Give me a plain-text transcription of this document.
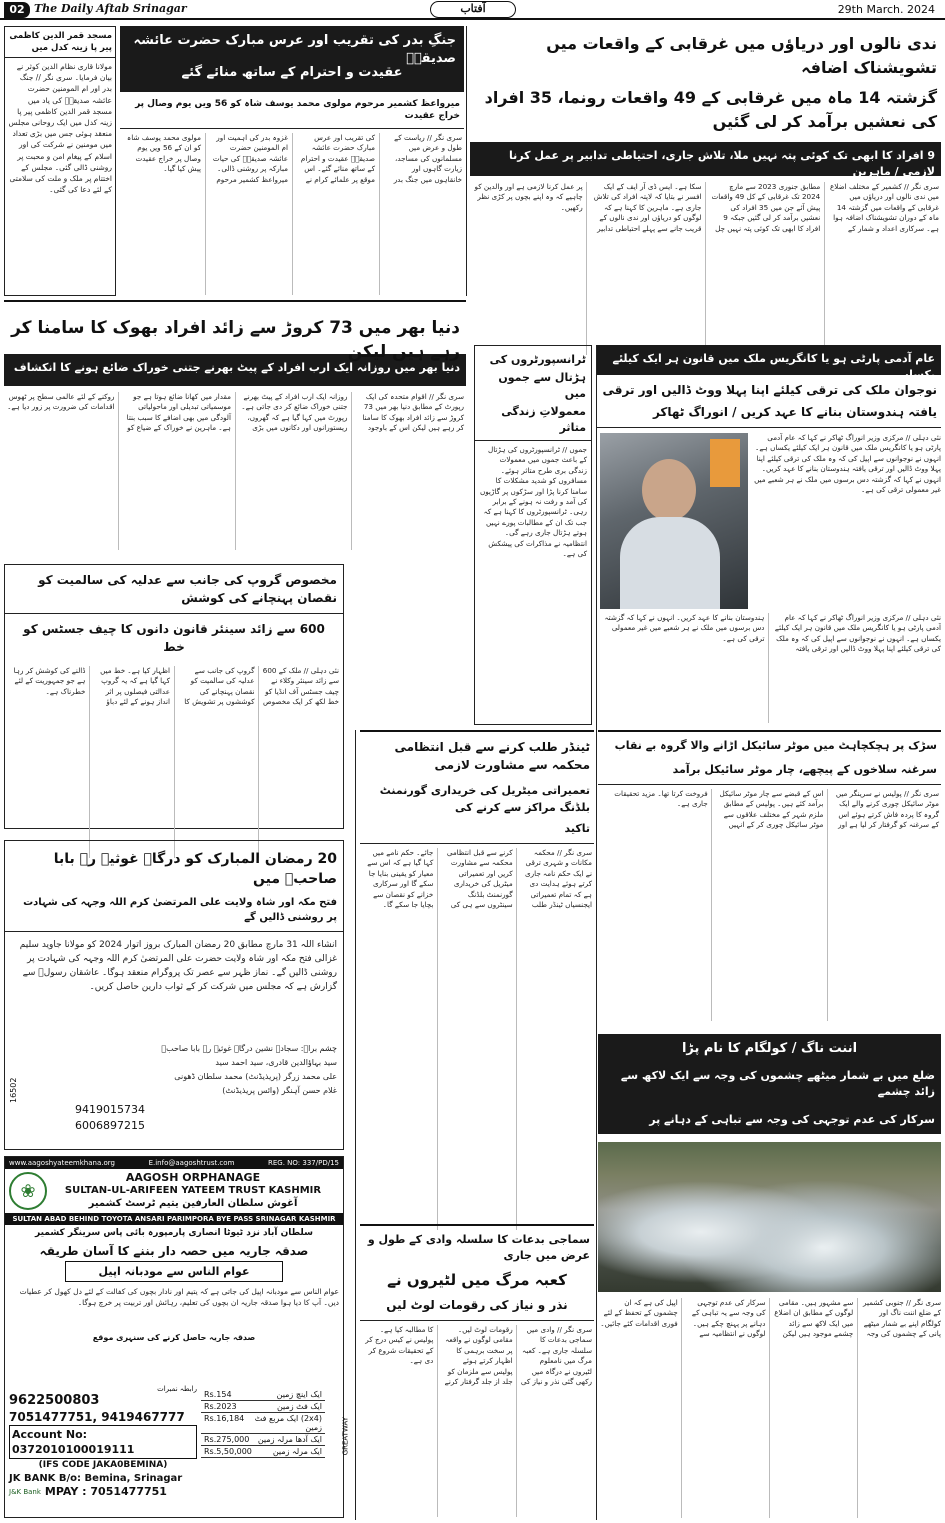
02 The Daily Aftab Srinagar	آفتاب	29th March. 2024
مسجد قمر الدین کاظمی پیر پا زینہ کدل میں
مولانا قاری نظام الدین کوثر نے بیان فرمایا۔ سری نگر // جنگ بدر اور ام المومنین حضرت عائشہ صدیقہؓ کی یاد میں مسجد قمر الدین کاظمی پیر پا زینہ کدل میں ایک روحانی مجلس منعقد ہوئی جس میں بڑی تعداد میں مومنین نے شرکت کی اور اسلام کے پیغام امن و محبت پر روشنی ڈالی گئی۔ مجلس کے اختتام پر ملک و ملت کی سلامتی کے لئے دعا کی گئی۔
جنگِ بدر کی تقریب اور عرس مبارک حضرت عائشہ صدیقہؓ
عقیدت و احترام کے ساتھ منائے گئے
میرواعظ کشمیر مرحوم مولوی محمد یوسف شاہ کو 56 ویں یوم وصال پر خراج عقیدت
سری نگر // ریاست کے طول و عرض میں مسلمانوں کی مساجد، زیارت گاہوں اور خانقاہوں میں جنگ بدر کی تقریب اور عرس مبارک حضرت عائشہ صدیقہؓ عقیدت و احترام کے ساتھ منائے گئے۔ اس موقع پر علمائے کرام نے غزوہ بدر کی اہمیت اور ام المومنین حضرت عائشہ صدیقہؓ کی حیات مبارکہ پر روشنی ڈالی۔ میرواعظ کشمیر مرحوم مولوی محمد یوسف شاہ کو ان کے 56 ویں یوم وصال پر خراج عقیدت پیش کیا گیا۔
ندی نالوں اور دریاؤں میں غرقابی کے واقعات میں تشویشناک اضافہ
گزشتہ 14 ماہ میں غرقابی کے 49 واقعات رونما، 35 افراد کی نعشیں برآمد کر لی گئیں
9 افراد کا ابھی تک کوئی پتہ نہیں ملا، تلاش جاری، احتیاطی تدابیر پر عمل کرنا لازمی / ماہرین
سری نگر // کشمیر کے مختلف اضلاع میں ندی نالوں اور دریاؤں میں غرقابی کے واقعات میں گزشتہ 14 ماہ کے دوران تشویشناک اضافہ ہوا ہے۔ سرکاری اعداد و شمار کے مطابق جنوری 2023 سے مارچ 2024 تک غرقابی کے کل 49 واقعات پیش آئے جن میں 35 افراد کی نعشیں برآمد کر لی گئیں جبکہ 9 افراد کا ابھی تک کوئی پتہ نہیں چل سکا ہے۔ ایس ڈی آر ایف کے ایک افسر نے بتایا کہ لاپتہ افراد کی تلاش جاری ہے۔ ماہرین کا کہنا ہے کہ لوگوں کو دریاؤں اور ندی نالوں کے قریب جانے سے پہلے احتیاطی تدابیر پر عمل کرنا لازمی ہے اور والدین کو چاہیے کہ وہ اپنے بچوں پر کڑی نظر رکھیں۔
دنیا بھر میں 73 کروڑ سے زائد افراد بھوک کا سامنا کر رہے ہیں لیکن
دنیا بھر میں روزانہ ایک ارب افراد کے پیٹ بھرنے جتنی خوراک ضائع ہونے کا انکشاف
سری نگر // اقوام متحدہ کی ایک رپورٹ کے مطابق دنیا بھر میں 73 کروڑ سے زائد افراد بھوک کا سامنا کر رہے ہیں لیکن اس کے باوجود روزانہ ایک ارب افراد کے پیٹ بھرنے جتنی خوراک ضائع کر دی جاتی ہے۔ رپورٹ میں کہا گیا ہے کہ گھروں، ریستورانوں اور دکانوں میں بڑی مقدار میں کھانا ضائع ہوتا ہے جو موسمیاتی تبدیلی اور ماحولیاتی آلودگی میں بھی اضافے کا سبب بنتا ہے۔ ماہرین نے خوراک کے ضیاع کو روکنے کے لئے عالمی سطح پر ٹھوس اقدامات کی ضرورت پر زور دیا ہے۔
ٹرانسپورٹروں کی
ہڑتال سے جموں میں
معمولاتِ زندگی متاثر
جموں // ٹرانسپورٹروں کی ہڑتال کے باعث جموں میں معمولات زندگی بری طرح متاثر ہوئے۔ مسافروں کو شدید مشکلات کا سامنا کرنا پڑا اور سڑکوں پر گاڑیوں کی آمد و رفت نہ ہونے کے برابر رہی۔ ٹرانسپورٹروں کا کہنا ہے کہ جب تک ان کے مطالبات پورے نہیں ہوتے ہڑتال جاری رہے گی۔ انتظامیہ نے مذاکرات کی پیشکش کی ہے۔
عام آدمی پارٹی ہو یا کانگریس ملک میں قانون ہر ایک کیلئے یکساں
نوجوان ملک کی ترقی کیلئے اپنا پہلا ووٹ ڈالیں اور ترقی
یافتہ ہندوستان بنانے کا عہد کریں / انوراگ ٹھاکر
نئی دہلی // مرکزی وزیر انوراگ ٹھاکر نے کہا کہ عام آدمی پارٹی ہو یا کانگریس ملک میں قانون ہر ایک کیلئے یکساں ہے۔ انہوں نے نوجوانوں سے اپیل کی کہ وہ ملک کی ترقی کیلئے اپنا پہلا ووٹ ڈالیں اور ترقی یافتہ ہندوستان بنانے کا عہد کریں۔ انہوں نے کہا کہ گزشتہ دس برسوں میں ملک نے ہر شعبے میں غیر معمولی ترقی کی ہے۔
نئی دہلی // مرکزی وزیر انوراگ ٹھاکر نے کہا کہ عام آدمی پارٹی ہو یا کانگریس ملک میں قانون ہر ایک کیلئے یکساں ہے۔ انہوں نے نوجوانوں سے اپیل کی کہ وہ ملک کی ترقی کیلئے اپنا پہلا ووٹ ڈالیں اور ترقی یافتہ ہندوستان بنانے کا عہد کریں۔ انہوں نے کہا کہ گزشتہ دس برسوں میں ملک نے ہر شعبے میں غیر معمولی ترقی کی ہے۔
مخصوص گروپ کی جانب سے عدلیہ کی سالمیت کو نقصان پہنچانے کی کوشش
600 سے زائد سینئر قانون دانوں کا چیف جسٹس کو خط
نئی دہلی // ملک کے 600 سے زائد سینئر وکلاء نے چیف جسٹس آف انڈیا کو خط لکھ کر ایک مخصوص گروپ کی جانب سے عدلیہ کی سالمیت کو نقصان پہنچانے کی کوششوں پر تشویش کا اظہار کیا ہے۔ خط میں کہا گیا ہے کہ یہ گروپ عدالتی فیصلوں پر اثر انداز ہونے کے لئے دباؤ ڈالنے کی کوشش کر رہا ہے جو جمہوریت کے لئے خطرناک ہے۔
ٹینڈر طلب کرنے سے قبل انتظامی محکمہ سے مشاورت لازمی
تعمیراتی میٹریل کی خریداری گورنمنٹ بلڈنگ مراکز سے کرنے کی
تاکید
سری نگر // محکمہ مکانات و شہری ترقی نے ایک حکم نامہ جاری کرتے ہوئے ہدایت دی ہے کہ تمام تعمیراتی ایجنسیاں ٹینڈر طلب کرنے سے قبل انتظامی محکمہ سے مشاورت کریں اور تعمیراتی میٹریل کی خریداری گورنمنٹ بلڈنگ سینٹروں سے ہی کی جائے۔ حکم نامے میں کہا گیا ہے کہ اس سے معیار کو یقینی بنایا جا سکے گا اور سرکاری خزانے کو نقصان سے بچایا جا سکے گا۔
سڑک پر ہچکچاہٹ میں موٹر سائیکل اڑانے والا گروہ بے نقاب
سرغنہ سلاخوں کے پیچھے، چار موٹر سائیکل برآمد
سری نگر // پولیس نے سرینگر میں موٹر سائیکل چوری کرنے والے ایک گروہ کا پردہ فاش کرتے ہوئے اس کے سرغنہ کو گرفتار کر لیا ہے اور اس کے قبضے سے چار موٹر سائیکل برآمد کئے ہیں۔ پولیس کے مطابق ملزم شہر کے مختلف علاقوں سے موٹر سائیکل چوری کر کے انہیں فروخت کرتا تھا۔ مزید تحقیقات جاری ہے۔
20 رمضان المبارک کو درگاہ غوثیہ رہ بابا صاحبؒ میں
فتح مکہ اور شاہ ولایت علی المرتضیٰ کرم اللہ وجہہ کی شہادت پر روشنی ڈالیں گے
انشاء اللہ 31 مارچ مطابق 20 رمضان المبارک بروز اتوار 2024 کو مولانا جاوید سلیم غزالی فتح مکہ اور شاہ ولایت حضرت علی المرتضیٰ کرم اللہ وجہہ کی شہادت پر روشنی ڈالیں گے۔ نماز ظہر سے عصر تک پروگرام منعقد ہوگا۔ عاشقان رسولؐ سے گزارش ہے کہ مجلس میں شرکت کر کے ثواب دارین حاصل کریں۔
چشم براہ: سجادہ نشین درگاہ غوثیہ رہ بابا صاحبؒ
سید بہاؤالدین قادری، سید احمد سید
علی محمد زرگر (پریذیڈنٹ) محمد سلطان ڈھونی
غلام حسن آہنگر (وائس پریذیڈنٹ)
9419015734
6006897215
16502
اننت ناگ / کولگام کا نام پڑا
ضلع میں بے شمار میٹھے چشموں کی وجہ سے ایک لاکھ سے زائد چشمے
سرکار کی عدم توجہی کی وجہ سے تباہی کے دہانے پر
سری نگر // جنوبی کشمیر کے ضلع اننت ناگ اور کولگام اپنے بے شمار میٹھے پانی کے چشموں کی وجہ سے مشہور ہیں۔ مقامی لوگوں کے مطابق ان اضلاع میں ایک لاکھ سے زائد چشمے موجود ہیں لیکن سرکار کی عدم توجہی کی وجہ سے یہ تباہی کے دہانے پر پہنچ چکے ہیں۔ لوگوں نے انتظامیہ سے اپیل کی ہے کہ ان چشموں کے تحفظ کے لئے فوری اقدامات کئے جائیں۔
سماجی بدعات کا سلسلہ وادی کے طول و عرض میں جاری
کعبہ مرگ میں لٹیروں نے
نذر و نیاز کی رقومات لوٹ لیں
سری نگر // وادی میں سماجی بدعات کا سلسلہ جاری ہے۔ کعبہ مرگ میں نامعلوم لٹیروں نے درگاہ میں رکھی گئی نذر و نیاز کی رقومات لوٹ لیں۔ مقامی لوگوں نے واقعہ پر سخت برہمی کا اظہار کرتے ہوئے پولیس سے ملزمان کو جلد از جلد گرفتار کرنے کا مطالبہ کیا ہے۔ پولیس نے کیس درج کر کے تحقیقات شروع کر دی ہے۔
www.aagoshyateemkhana.org	E.info@aagoshtrust.com	REG. NO: 337/PD/15
❀
AAGOSH ORPHANAGE
SULTAN-UL-ARIFEEN YATEEM TRUST KASHMIR
آغوش سلطان العارفین یتیم ٹرسٹ کشمیر
SULTAN ABAD BEHIND TOYOTA ANSARI PARIMPORA BYE PASS SRINAGAR KASHMIR
سلطان آباد نزد ٹیوٹا انصاری پارمپورہ بائی پاس سرینگر کشمیر
صدقہ جاریہ میں حصہ دار بننے کا آسان طریقہ
عوام الناس سے مودبانہ اپیل
عوام الناس سے مودبانہ اپیل کی جاتی ہے کہ یتیم اور نادار بچوں کی کفالت کے لئے دل کھول کر عطیات دیں۔ آپ کا دیا ہوا صدقہ جاریہ ان بچوں کی تعلیم، رہائش اور تربیت پر خرچ ہوگا۔
صدقہ جاریہ حاصل کرنے کی سنہری موقع
رابطہ نمبرات
9622500803
7051477751, 9419467777
Account No: 0372010100019111
(IFS CODE JAKA0BEMINA)
JK BANK B/o: Bemina, Srinagar
J&K Bank MPAY : 7051477751
Rs.154	ایک اینچ زمین
Rs.2023	ایک فٹ زمین
Rs.16,184	(2x4) ایک مربع فٹ زمین
Rs.275,000 ایک آدھا مرلہ زمین
Rs.5,50,000	ایک مرلہ زمین	GREATWAY
